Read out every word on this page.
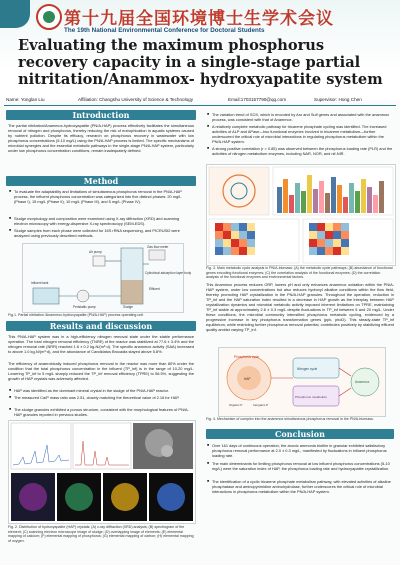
第十九届全国环境博士生学术会议
The 19th National Environmental Conference for Doctoral Students
Evaluating the maximum phosphorus recovery capacity in a single-stage partial nitritation/Anammox- hydroxyapatite system
Name: Yonglan Liu	Affiliation: Changshu University of Science & Technology	Email:1703157790@qq.com	Supervisor: Hong Chen
Introduction
The partial nitritation/Anammox-hydroxyapatite (PN/A-HAP) process effectively facilitates the simultaneous removal of nitrogen and phosphorus, thereby reducing the risk of eutrophication in aquatic systems caused by nutrient pollution. Despite its efficacy, research on phosphorus recovery in wastewater with low phosphorus concentrations (5-10 mg/L) using the PN/A-HAP process is limited. The specific mechanisms of microbial synergies and the essential metabolic pathways in the single-stage PN/A-HAP system, particularly under low phosphorus concentration conditions, remain inadequately defined.
Method
■ To evaluate the adaptability and limitations of simultaneous phosphorus removal in the PN/A-HAP process, the influent phosphorus concentration was categorized into five distinct phases: 20 mg/L (Phase I), 15 mg/L (Phase II), 10 mg/L (Phase III), and 5 mg/L (Phase IV).
■ Sludge morphology and composition were examined using X-ray diffraction (XRD) and scanning electron microscopy with energy-dispersive X-ray spectroscopy (SEM-EDS).
■ Sludge samples from each phase were collected for 16S rRNA sequencing, and PICRUSt2 were analyzed using previously described methods.
Cylindrical adsorption layer body
Sludge
Effluent
Gas flow meter
Air pump
Peristaltic pump
Influent tank
Fig.1. Partial nitritation /Anammox-hydroxyapatite (PN/A-HAP) process operating unit
Results and discussion
This PN/A-HAP system was in a high-efficiency nitrogen removal state under the stable performance operation. The total nitrogen removal efficiency (TNRE) of the reactor was stabilized at 77.6 ± 3.4% and the nitrogen removal rate (NRR) reached 1.6 ± 0.2 kg-N/(m³·d). The specific anammox activity (SAA) increased to above 1.0 kg-N/(m³·d), and the abundance of Candidatus Brocadia stayed above 5.8%.
The efficiency of anaerobically induced phosphorus removal in the reactor was more than 80% under the condition that the total phosphorus concentration in the influent (TP_inf) is in the range of 10-20 mg/L. Lowering TP_inf to 5 mg/L sharply reduced the TP_inf removal efficiency (TPRE) to 56.5%, suggesting the growth of HAP crystals was adversely affected.
■ HAP was identified as the dominant mineral crystal in the sludge of the PN/A-HAP reactor.
■ The measured Ca/P mass ratio was 2.51, closely matching the theoretical value of 2.16 for HAP.
■ The sludge granules exhibited a porous structure, consistent with the morphological features of PN/A-HAP granules reported in previous studies.
Fig. 2. Distribution of hydroxyapatite (HAP) crystals: (A) x-ray diffraction (XRD) analysis; (B) spectrogram of the element; (C) scanning electron microscope image of sludge; (D) overlapping image of elements; (E) elemental mapping of calcium; (F) elemental mapping of phosphorus; (G) elemental mapping of carbon; (H) elemental mapping of oxygen.
■ The variation trend of SOX, which is encoded by Aro and Sulf genes and associated with the anammox process, was consistent with that of Anammox.
■ A relatively complete metabolic pathway for tricarene phosphate cycling was identified. The increased activities of ALP and APase—two functional enzymes involved in tricarene metabolism—further underscored the critical role of microbial interactions in regulating phosphorus metabolism within the PN/A-HAP system.
■ A strong positive correlation (r > 0.85) was observed between the phosphorus loading rate (PLR) and the activities of nitrogen metabolism enzymes, including NAR, NOR, and nif-NIR.
Fig. 3. Main metabolic cycle analysis in PN/A-biomass: (A) the metabolic cycle pathways; (B) abundance of functional genes encoding functional enzymes; (C) the correlation analysis of the functional enzymes; (D) the correlation analysis of the functional enzymes and environmental factors.
This Anammox process reduces ORP, lowers pH and only enhances anammox oxidation within the PN/A-HAP system, under low concentrations but also reduces hydroxyl alkaline conditions within the flow field, thereby promoting HAP crystallization in the PN/A-HAP granules. Throughout the operation, reduction in TP_inf and the HAP saturation index resulted in a decrease in HAP growth as the interplay between HAP crystallization dynamics and microbial metabolic activity imposed inherent limitations on TPRE, maintaining TP_inf stable at approximately 2.6 ± 0.3 mg/L despite fluctuations in TP_inf between 5 and 20 mg/L. Under these conditions, the microbial community intensified phosphorus metabolic cycling, evidenced by a progressive increase in key phosphorus transformation genes (ppk, phoD). This steady-state TP_inf equilibrium, while restricting further phosphorus removal potential, contributes positively by stabilizing effluent quality amidst varying TP_inf.
Phosphorus cycle
Nitrogen cycle
Phosphorus metabolism
Anammox
HAP
Organic P	Inorganic P
Fig. 4. Mechanism of complex into the anammox simultaneous phosphorus removal in the PN/A-biomass.
Conclusion
■ Over 161 days of continuous operation, the anoxic ammonia biofilm in granular exhibited satisfactory phosphorus removal performance at 2.0 ± 0.3 mg/L, manifested by fluctuations in influent phosphorus loading rate.
■ The main determinants for limiting phosphorus removal at low influent phosphorus concentrations (5-10 mg/L) were the saturation index of HAP, the phosphorus loading rate and hydroxyapatite crystallization.
■ The identification of a cyclic tricarene phosphate metabolism pathway, with elevated activities of alkaline phosphatase and aminopyrimidine aminohydrolase, further underscores the critical role of microbial interactions in phosphorus metabolism within the PN/A-HAP system.
